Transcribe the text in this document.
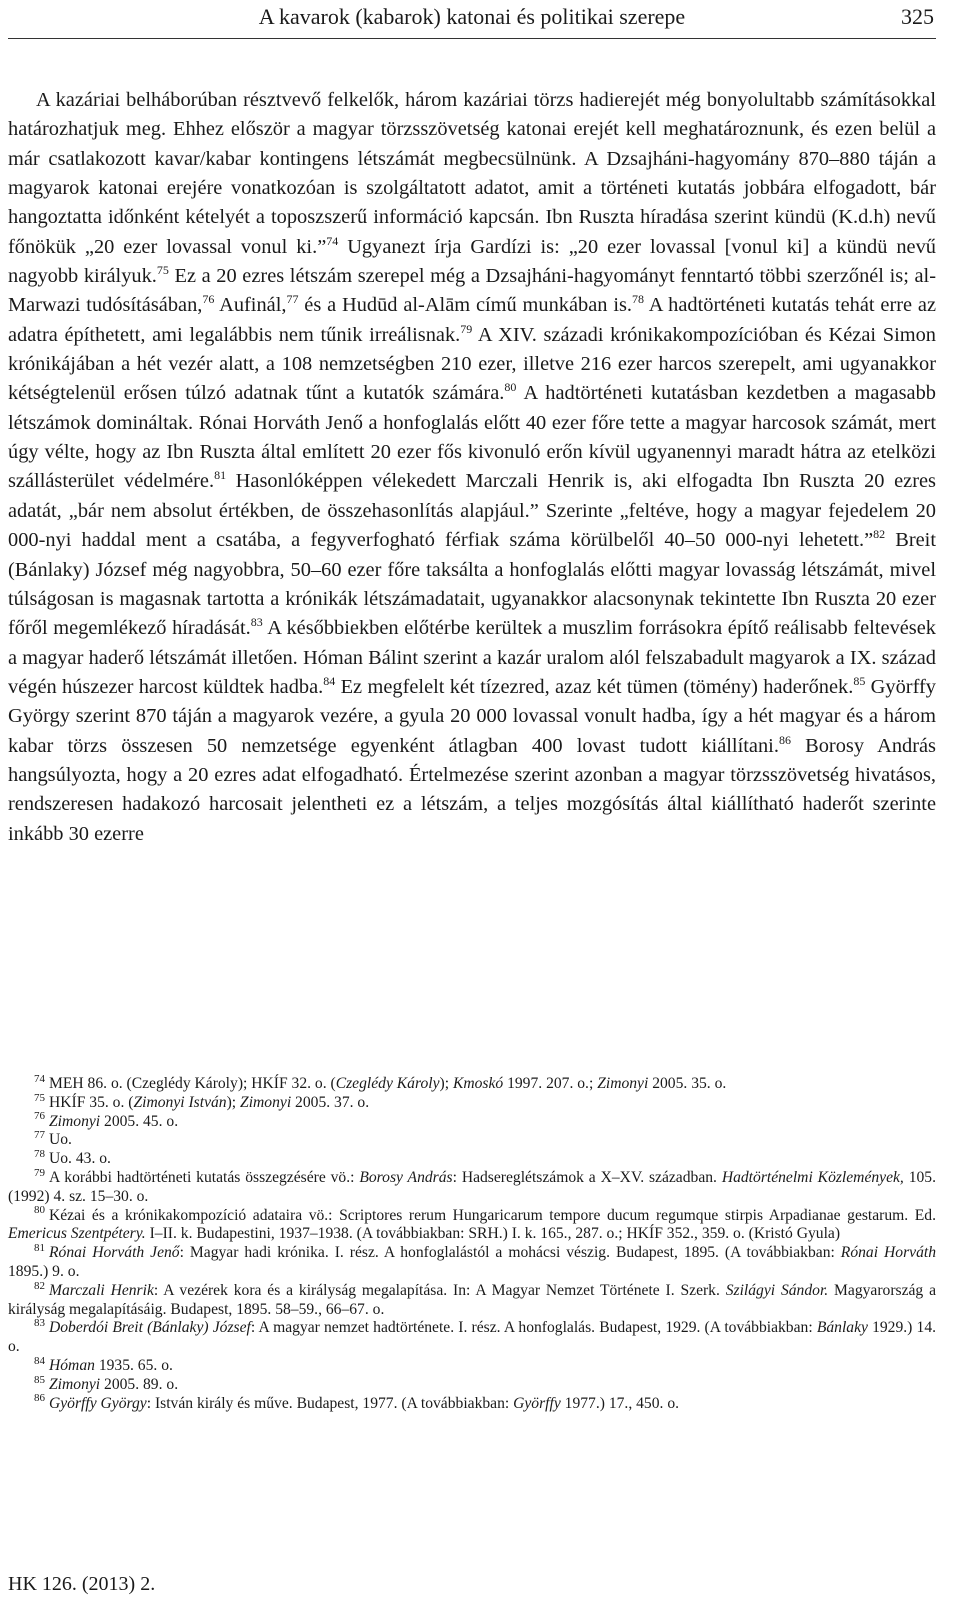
A kavarok (kabarok) katonai és politikai szerepe	325
A kazáriai belháborúban résztvevő felkelők, három kazáriai törzs hadierejét még bonyolultabb számításokkal határozhatjuk meg. Ehhez először a magyar törzsszövetség katonai erejét kell meghatároznunk, és ezen belül a már csatlakozott kavar/kabar kontingens létszámát megbecsülnünk. A Dzsajháni-hagyomány 870–880 táján a magyarok katonai erejére vonatkozóan is szolgáltatott adatot, amit a történeti kutatás jobbára elfogadott, bár hangoztatta időnként kételyét a toposzszerű információ kapcsán. Ibn Ruszta híradása szerint kündü (K.d.h) nevű főnökük „20 ezer lovassal vonul ki.”$^{74}$ Ugyanezt írja Gardízi is: „20 ezer lovassal [vonul ki] a kündü nevű nagyobb királyuk.$^{75}$ Ez a 20 ezres létszám szerepel még a Dzsajháni-hagyományt fenntartó többi szerzőnél is; al-Marwazi tudósításában,$^{76}$ Aufinál,$^{77}$ és a Hudūd al-Alām című munkában is.$^{78}$ A hadtörténeti kutatás tehát erre az adatra építhetett, ami legalábbis nem tűnik irreálisnak.$^{79}$ A XIV. századi krónikakompozícióban és Kézai Simon krónikájában a hét vezér alatt, a 108 nemzetségben 210 ezer, illetve 216 ezer harcos szerepelt, ami ugyanakkor kétségtelenül erősen túlzó adatnak tűnt a kutatók számára.$^{80}$ A hadtörténeti kutatásban kezdetben a magasabb létszámok domináltak. Rónai Horváth Jenő a honfoglalás előtt 40 ezer főre tette a magyar harcosok számát, mert úgy vélte, hogy az Ibn Ruszta által említett 20 ezer fős kivonuló erőn kívül ugyanennyi maradt hátra az etelközi szállásterület védelmére.$^{81}$ Hasonlóképpen vélekedett Marczali Henrik is, aki elfogadta Ibn Ruszta 20 ezres adatát, „bár nem absolut értékben, de összehasonlítás alapjául.” Szerinte „feltéve, hogy a magyar fejedelem 20 000-nyi haddal ment a csatába, a fegyverfogható férfiak száma körülbelől 40–50 000-nyi lehetett.”$^{82}$ Breit (Bánlaky) József még nagyobbra, 50–60 ezer főre taksálta a honfoglalás előtti magyar lovasság létszámát, mivel túlságosan is magasnak tartotta a krónikák létszámadatait, ugyanakkor alacsonynak tekintette Ibn Ruszta 20 ezer főről megemlékező híradását.$^{83}$ A későbbiekben előtérbe kerültek a muszlim forrásokra építő reálisabb feltevések a magyar haderő létszámát illetően. Hóman Bálint szerint a kazár uralom alól felszabadult magyarok a IX. század végén húszezer harcost küldtek hadba.$^{84}$ Ez megfelelt két tízezred, azaz két tümen (tömény) haderőnek.$^{85}$ Györffy György szerint 870 táján a magyarok vezére, a gyula 20 000 lovassal vonult hadba, így a hét magyar és a három kabar törzs összesen 50 nemzetsége egyenként átlagban 400 lovast tudott kiállítani.$^{86}$ Borosy András hangsúlyozta, hogy a 20 ezres adat elfogadható. Értelmezése szerint azonban a magyar törzsszövetség hivatásos, rendszeresen hadakozó harcosait jelentheti ez a létszám, a teljes mozgósítás által kiállítható haderőt szerinte inkább 30 ezerre

$^{74}$ MEH 86. o. (Czeglédy Károly); HKÍF 32. o. (Czeglédy Károly); Kmoskó 1997. 207. o.; Zimonyi 2005. 35. o.

$^{75}$ HKÍF 35. o. (Zimonyi István); Zimonyi 2005. 37. o.

$^{76}$ Zimonyi 2005. 45. o.

$^{77}$ Uo.

$^{78}$ Uo. 43. o.

$^{79}$ A korábbi hadtörténeti kutatás összegzésére vö.: Borosy András: Hadsereglétszámok a X–XV. században. Hadtörténelmi Közlemények, 105. (1992) 4. sz. 15–30. o.

$^{80}$ Kézai és a krónikakompozíció adataira vö.: Scriptores rerum Hungaricarum tempore ducum regumque stirpis Arpadianae gestarum. Ed. Emericus Szentpétery. I–II. k. Budapestini, 1937–1938. (A továbbiakban: SRH.) I. k. 165., 287. o.; HKÍF 352., 359. o. (Kristó Gyula)

$^{81}$ Rónai Horváth Jenő: Magyar hadi krónika. I. rész. A honfoglalástól a mohácsi vészig. Budapest, 1895. (A továbbiakban: Rónai Horváth 1895.) 9. o.

$^{82}$ Marczali Henrik: A vezérek kora és a királyság megalapítása. In: A Magyar Nemzet Története I. Szerk. Szilágyi Sándor. Magyarország a királyság megalapításáig. Budapest, 1895. 58–59., 66–67. o.

$^{83}$ Doberdói Breit (Bánlaky) József: A magyar nemzet hadtörténete. I. rész. A honfoglalás. Budapest, 1929. (A továbbiakban: Bánlaky 1929.) 14. o.

$^{84}$ Hóman 1935. 65. o.

$^{85}$ Zimonyi 2005. 89. o.

$^{86}$ Györffy György: István király és műve. Budapest, 1977. (A továbbiakban: Györffy 1977.) 17., 450. o.

HK 126. (2013) 2.
